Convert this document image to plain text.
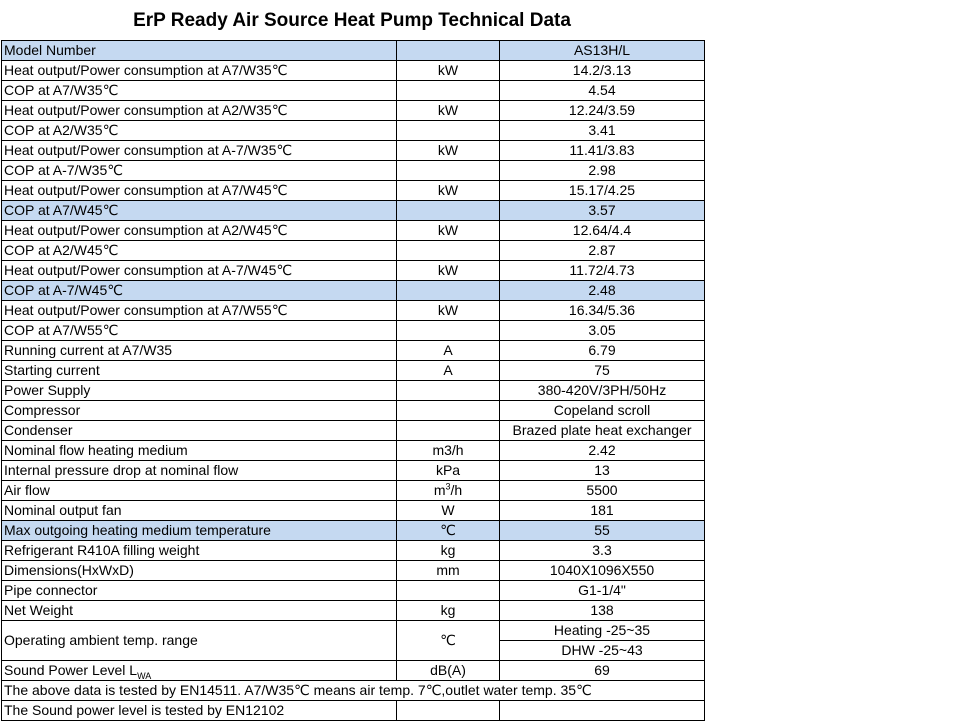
ErP Ready Air Source Heat Pump Technical Data
Model Number		AS13H/L
Heat output/Power consumption at A7/W35℃	kW	14.2/3.13
COP at A7/W35℃		4.54
Heat output/Power consumption at A2/W35℃	kW	12.24/3.59
COP at A2/W35℃		3.41
Heat output/Power consumption at A-7/W35℃	kW	11.41/3.83
COP at A-7/W35℃		2.98
Heat output/Power consumption at A7/W45℃	kW	15.17/4.25
COP at A7/W45℃		3.57
Heat output/Power consumption at A2/W45℃	kW	12.64/4.4
COP at A2/W45℃		2.87
Heat output/Power consumption at A-7/W45℃	kW	11.72/4.73
COP at A-7/W45℃		2.48
Heat output/Power consumption at A7/W55℃	kW	16.34/5.36
COP at A7/W55℃		3.05
Running current at A7/W35	A	6.79
Starting current	A	75
Power Supply		380-420V/3PH/50Hz
Compressor		Copeland scroll
Condenser		Brazed plate heat exchanger
Nominal flow heating medium	m3/h	2.42
Internal pressure drop at nominal flow	kPa	13
Air flow	$m^3/h$	5500
Nominal output fan	W	181
Max outgoing heating medium temperature	℃	55
Refrigerant R410A filling weight	kg	3.3
Dimensions(HxWxD)	mm	1040X1096X550
Pipe connector		G1-1/4"
Net Weight	kg	138
Operating ambient temp. range	℃	Heating -25~35
		DHW -25~43
Sound Power Level $L_{WA}$	dB(A)	69
The above data is tested by EN14511. A7/W35℃ means air temp. 7℃,outlet water temp. 35℃		
The Sound power level is tested by EN12102		
